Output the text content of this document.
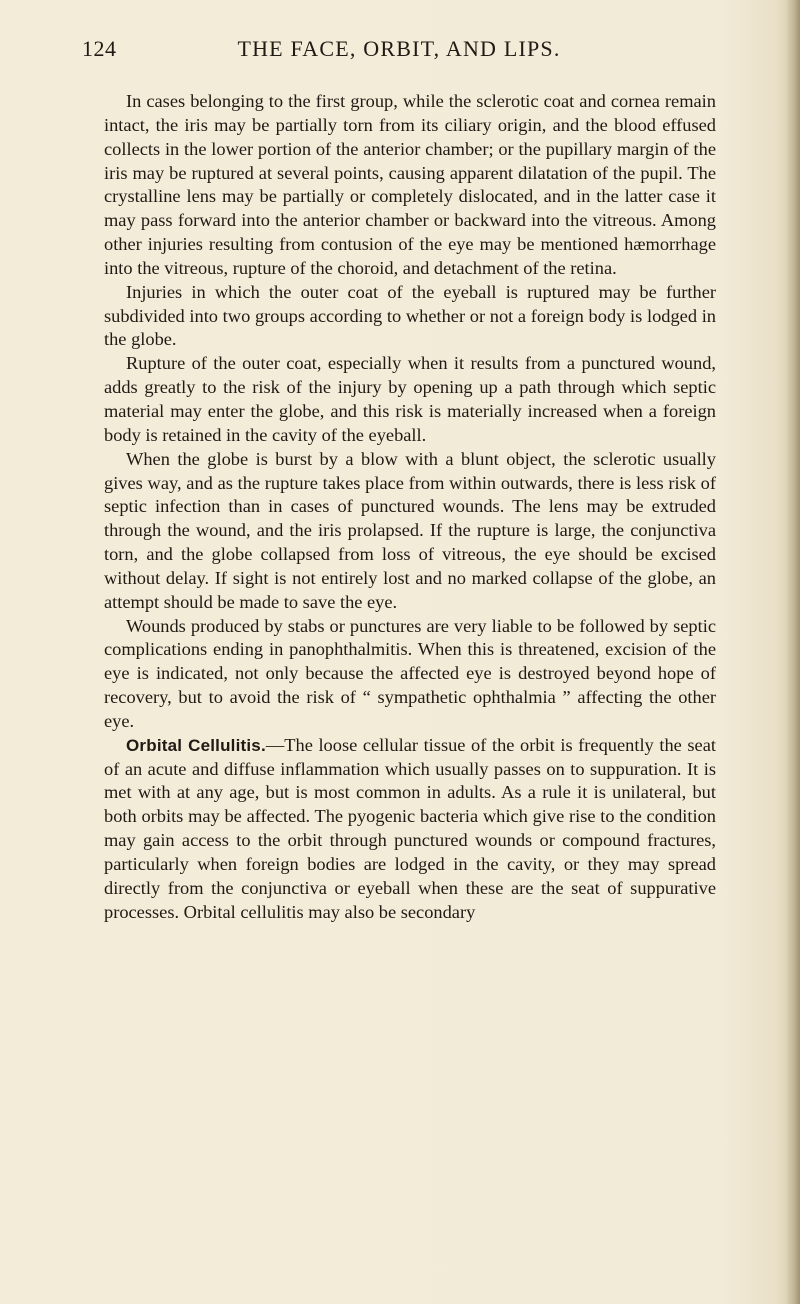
124	THE FACE, ORBIT, AND LIPS.

In cases belonging to the first group, while the sclerotic coat and cornea remain intact, the iris may be partially torn from its ciliary origin, and the blood effused collects in the lower portion of the anterior chamber; or the pupillary margin of the iris may be ruptured at several points, causing apparent dilatation of the pupil. The crystalline lens may be partially or completely dislocated, and in the latter case it may pass forward into the anterior chamber or backward into the vitreous. Among other injuries resulting from contusion of the eye may be mentioned hæmorrhage into the vitreous, rupture of the choroid, and detachment of the retina.

Injuries in which the outer coat of the eyeball is ruptured may be further subdivided into two groups according to whether or not a foreign body is lodged in the globe.

Rupture of the outer coat, especially when it results from a punctured wound, adds greatly to the risk of the injury by opening up a path through which septic material may enter the globe, and this risk is materially increased when a foreign body is retained in the cavity of the eyeball.

When the globe is burst by a blow with a blunt object, the sclerotic usually gives way, and as the rupture takes place from within outwards, there is less risk of septic infection than in cases of punctured wounds. The lens may be extruded through the wound, and the iris prolapsed. If the rupture is large, the conjunctiva torn, and the globe collapsed from loss of vitreous, the eye should be excised without delay. If sight is not entirely lost and no marked collapse of the globe, an attempt should be made to save the eye.

Wounds produced by stabs or punctures are very liable to be followed by septic complications ending in panophthalmitis. When this is threatened, excision of the eye is indicated, not only because the affected eye is destroyed beyond hope of recovery, but to avoid the risk of “ sympathetic ophthalmia ” affecting the other eye.

Orbital Cellulitis.—The loose cellular tissue of the orbit is frequently the seat of an acute and diffuse inflammation which usually passes on to suppuration. It is met with at any age, but is most common in adults. As a rule it is unilateral, but both orbits may be affected. The pyogenic bacteria which give rise to the condition may gain access to the orbit through punctured wounds or compound fractures, particularly when foreign bodies are lodged in the cavity, or they may spread directly from the conjunctiva or eyeball when these are the seat of suppurative processes. Orbital cellulitis may also be secondary
